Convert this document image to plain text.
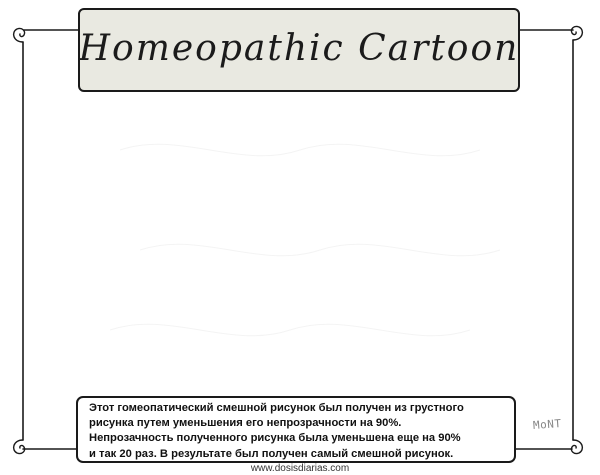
Homeopathic Cartoon
Этот гомеопатический смешной рисунок был получен из грустного
рисунка путем уменьшения его непрозрачности на 90%.
Непрозачность полученного рисунка была уменьшена еще на 90%
и так 20 раз. В результате был получен самый смешной рисунок.
MoNT
www.dosisdiarias.com
